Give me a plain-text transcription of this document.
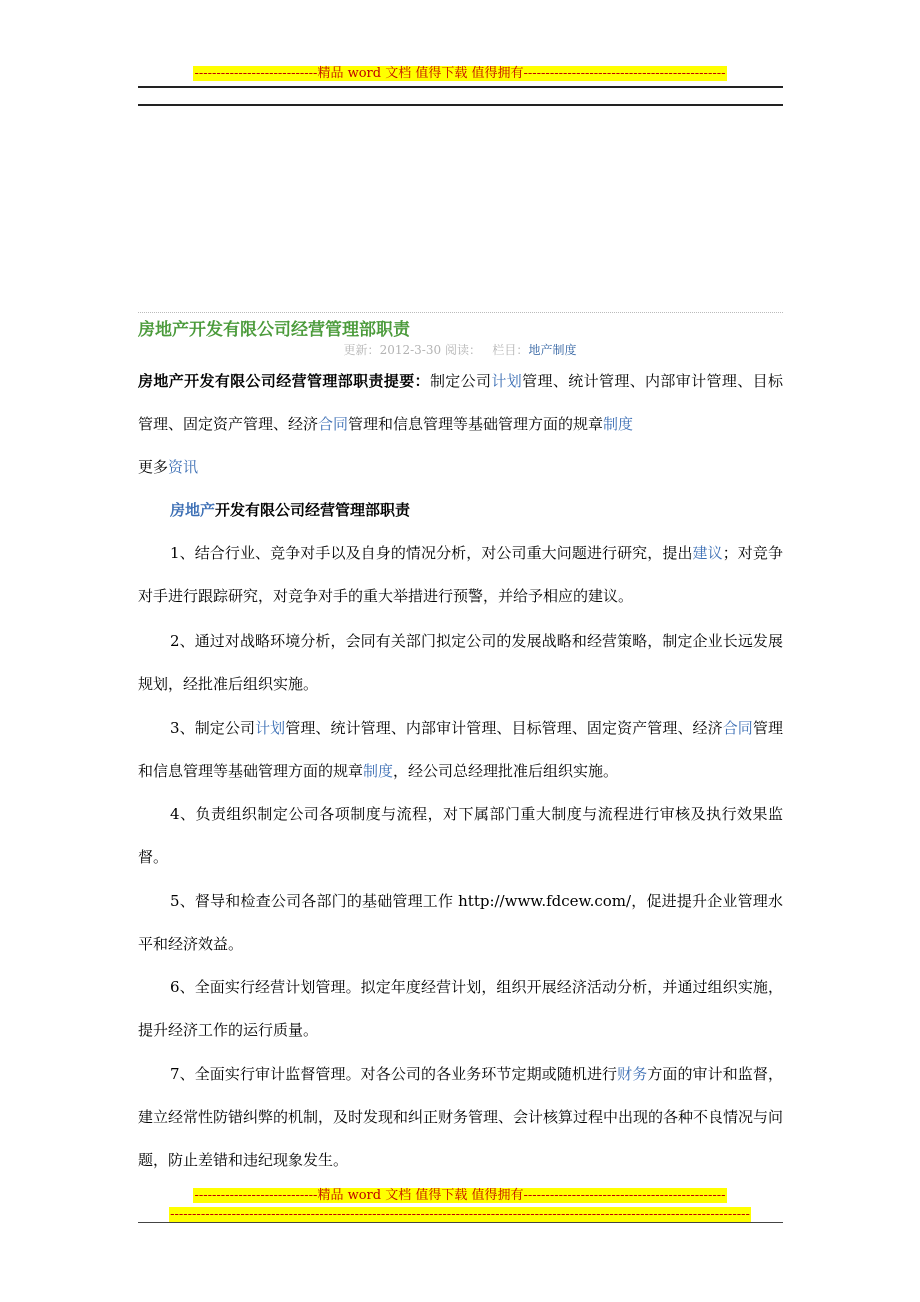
----------------------------精品 word 文档 值得下载 值得拥有----------------------------------------------
房地产开发有限公司经营管理部职责
更新：2012-3-30 阅读： 栏目：地产制度
房地产开发有限公司经营管理部职责提要：制定公司计划管理、统计管理、内部审计管理、目标管理、固定资产管理、经济合同管理和信息管理等基础管理方面的规章制度
更多资讯
房地产开发有限公司经营管理部职责
1、结合行业、竞争对手以及自身的情况分析，对公司重大问题进行研究，提出建议；对竞争对手进行跟踪研究，对竞争对手的重大举措进行预警，并给予相应的建议。
2、通过对战略环境分析，会同有关部门拟定公司的发展战略和经营策略，制定企业长远发展规划，经批准后组织实施。
3、制定公司计划管理、统计管理、内部审计管理、目标管理、固定资产管理、经济合同管理和信息管理等基础管理方面的规章制度，经公司总经理批准后组织实施。
4、负责组织制定公司各项制度与流程，对下属部门重大制度与流程进行审核及执行效果监督。
5、督导和检查公司各部门的基础管理工作 http://www.fdcew.com/，促进提升企业管理水平和经济效益。
6、全面实行经营计划管理。拟定年度经营计划，组织开展经济活动分析，并通过组织实施，提升经济工作的运行质量。
7、全面实行审计监督管理。对各公司的各业务环节定期或随机进行财务方面的审计和监督，建立经常性防错纠弊的机制，及时发现和纠正财务管理、会计核算过程中出现的各种不良情况与问题，防止差错和违纪现象发生。
----------------------------精品 word 文档 值得下载 值得拥有----------------------------------------------
------------------------------------------------------------------------------------------------------------------------------------
